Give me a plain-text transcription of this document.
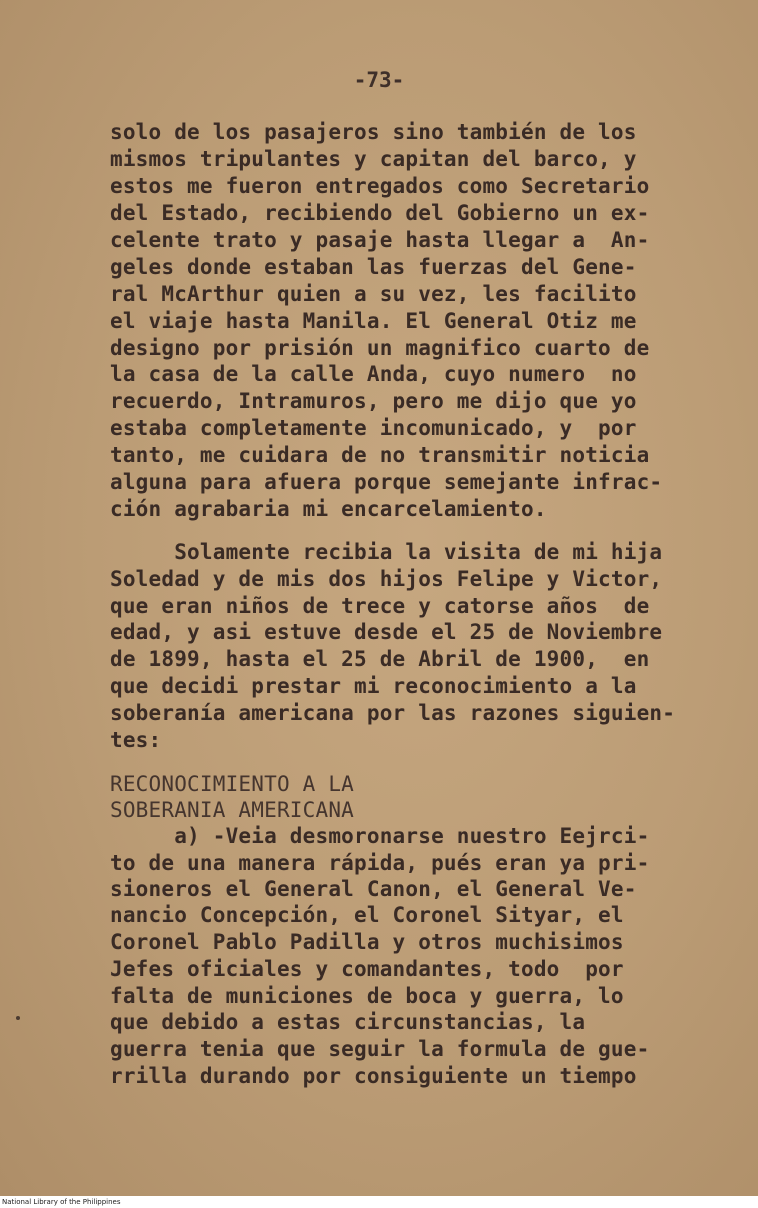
-73-
solo de los pasajeros sino también de los
mismos tripulantes y capitan del barco, y
estos me fueron entregados como Secretario
del Estado, recibiendo del Gobierno un ex-
celente trato y pasaje hasta llegar a  An-
geles donde estaban las fuerzas del Gene-
ral McArthur quien a su vez, les facilito
el viaje hasta Manila. El General Otiz me
designo por prisión un magnifico cuarto de
la casa de la calle Anda, cuyo numero  no
recuerdo, Intramuros, pero me dijo que yo
estaba completamente incomunicado, y  por
tanto, me cuidara de no transmitir noticia
alguna para afuera porque semejante infrac-
ción agrabaria mi encarcelamiento.
Solamente recibia la visita de mi hija
Soledad y de mis dos hijos Felipe y Victor,
que eran niños de trece y catorse años  de
edad, y asi estuve desde el 25 de Noviembre
de 1899, hasta el 25 de Abril de 1900,  en
que decidi prestar mi reconocimiento a la
soberanía americana por las razones siguien-
tes:
RECONOCIMIENTO A LA
SOBERANIA AMERICANA
a) -Veia desmoronarse nuestro Eejrci-
to de una manera rápida, pués eran ya pri-
sioneros el General Canon, el General Ve-
nancio Concepción, el Coronel Sityar, el
Coronel Pablo Padilla y otros muchisimos
Jefes oficiales y comandantes, todo  por
falta de municiones de boca y guerra, lo
que debido a estas circunstancias, la
guerra tenia que seguir la formula de gue-
rrilla durando por consiguiente un tiempo
National Library of the Philippines
